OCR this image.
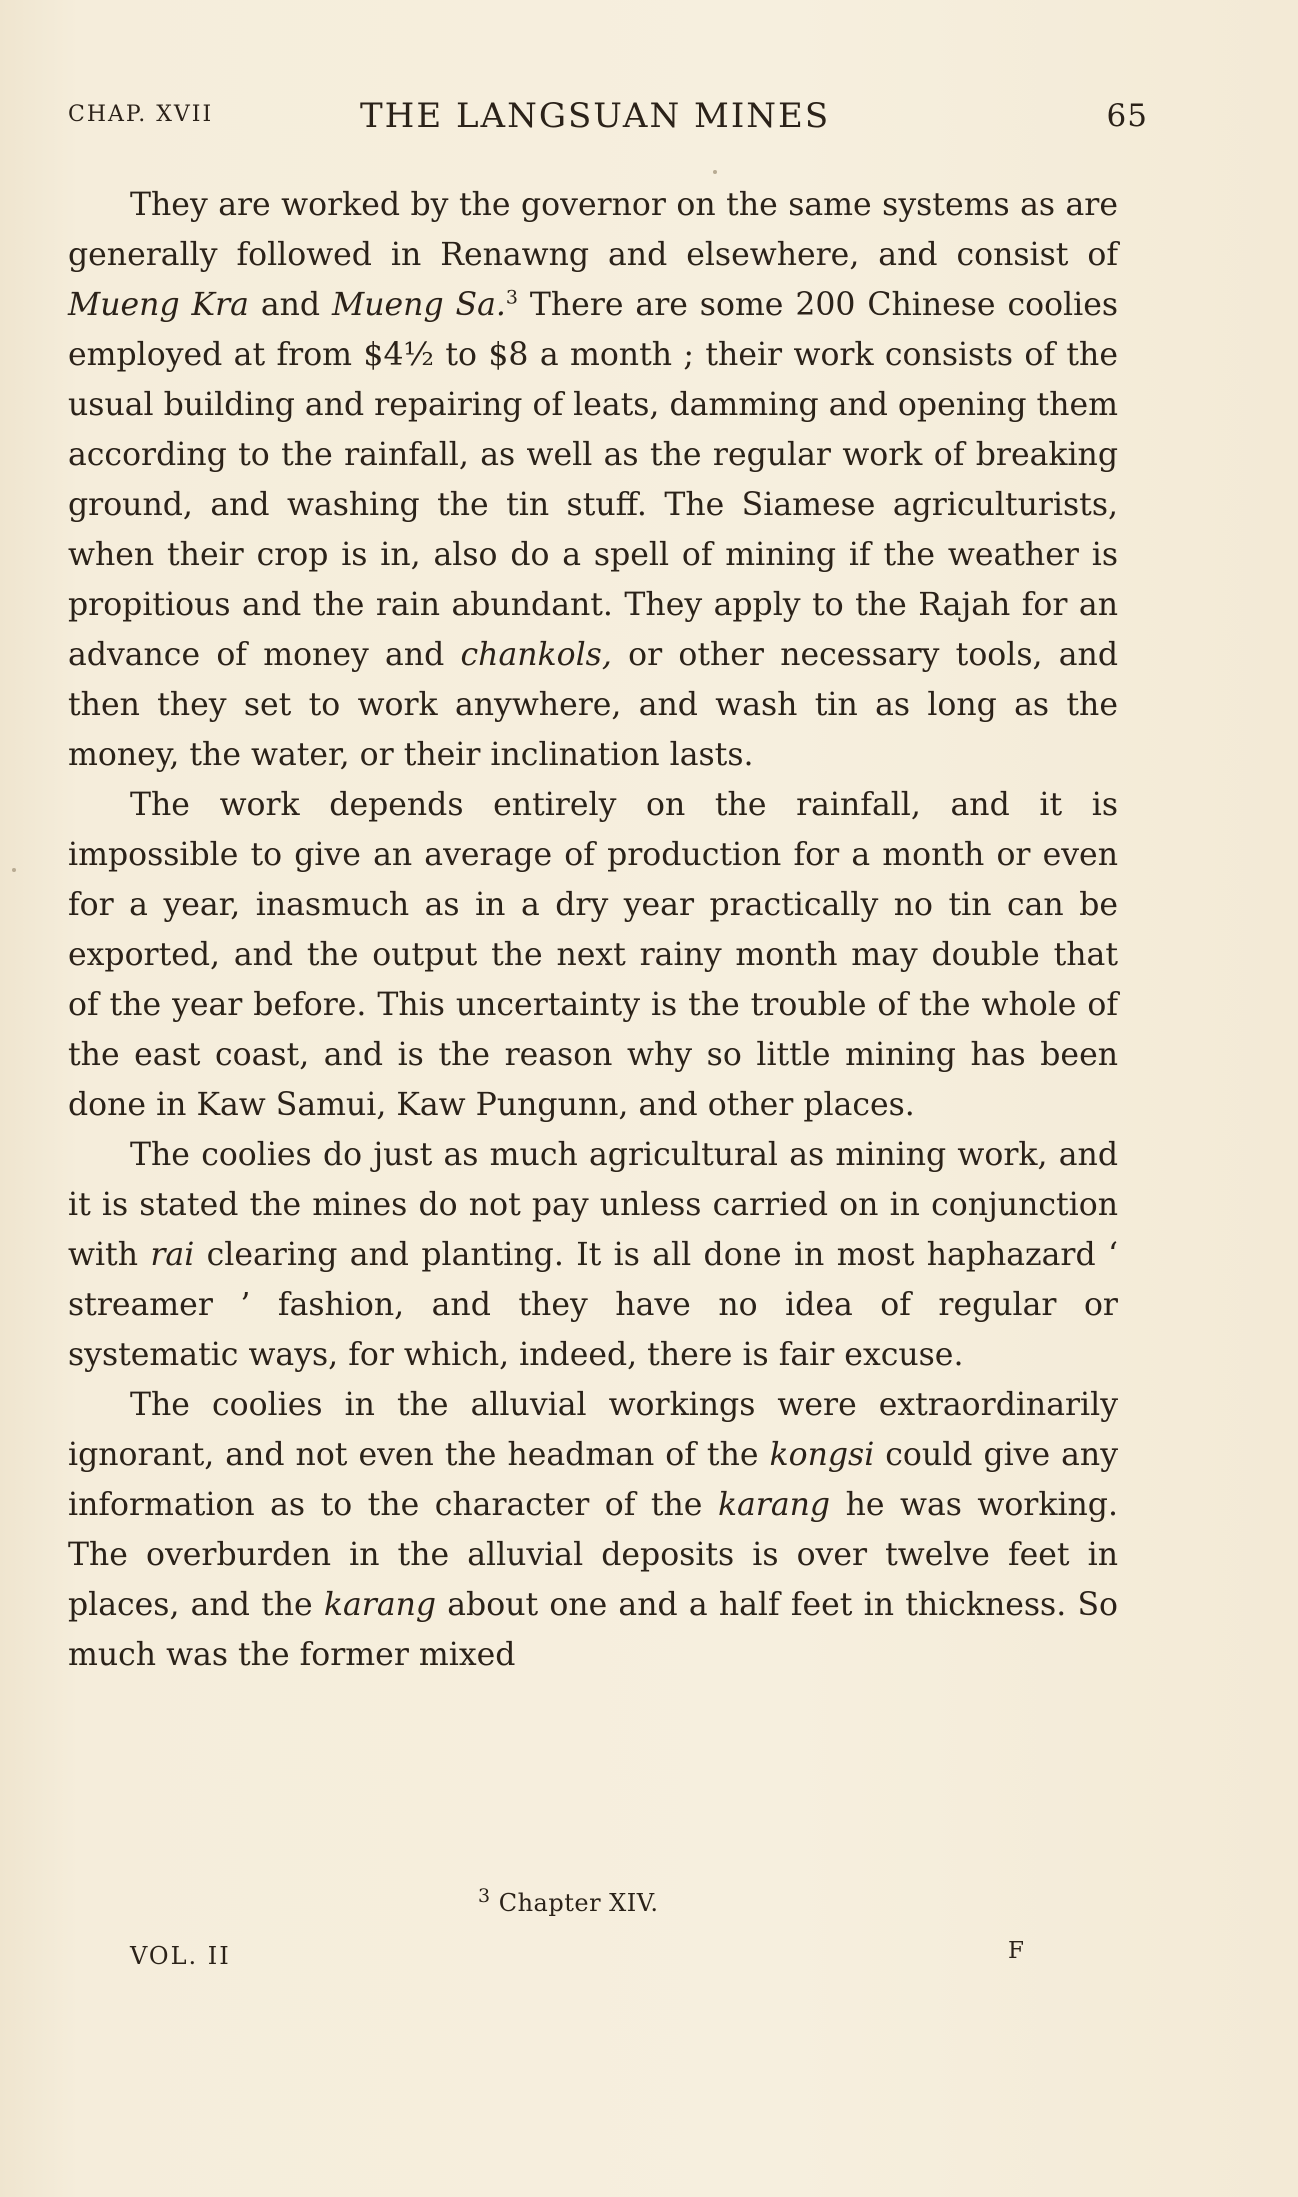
CHAP. XVII	THE LANGSUAN MINES	65

They are worked by the governor on the same systems as are generally followed in Renawng and elsewhere, and consist of Mueng Kra and Mueng Sa.$^3$ There are some 200 Chinese coolies employed at from $4½ to $8 a month ; their work consists of the usual building and repairing of leats, damming and opening them according to the rainfall, as well as the regular work of breaking ground, and washing the tin stuff. The Siamese agriculturists, when their crop is in, also do a spell of mining if the weather is propitious and the rain abundant. They apply to the Rajah for an advance of money and chankols, or other necessary tools, and then they set to work anywhere, and wash tin as long as the money, the water, or their inclination lasts.

The work depends entirely on the rainfall, and it is impossible to give an average of production for a month or even for a year, inasmuch as in a dry year practically no tin can be exported, and the output the next rainy month may double that of the year before. This uncertainty is the trouble of the whole of the east coast, and is the reason why so little mining has been done in Kaw Samui, Kaw Pungunn, and other places.

The coolies do just as much agricultural as mining work, and it is stated the mines do not pay unless carried on in conjunction with rai clearing and planting. It is all done in most haphazard ‘ streamer ’ fashion, and they have no idea of regular or systematic ways, for which, indeed, there is fair excuse.

The coolies in the alluvial workings were extraordinarily ignorant, and not even the headman of the kongsi could give any information as to the character of the karang he was working. The overburden in the alluvial deposits is over twelve feet in places, and the karang about one and a half feet in thickness. So much was the former mixed

$^3$ Chapter XIV.
VOL. II	F
